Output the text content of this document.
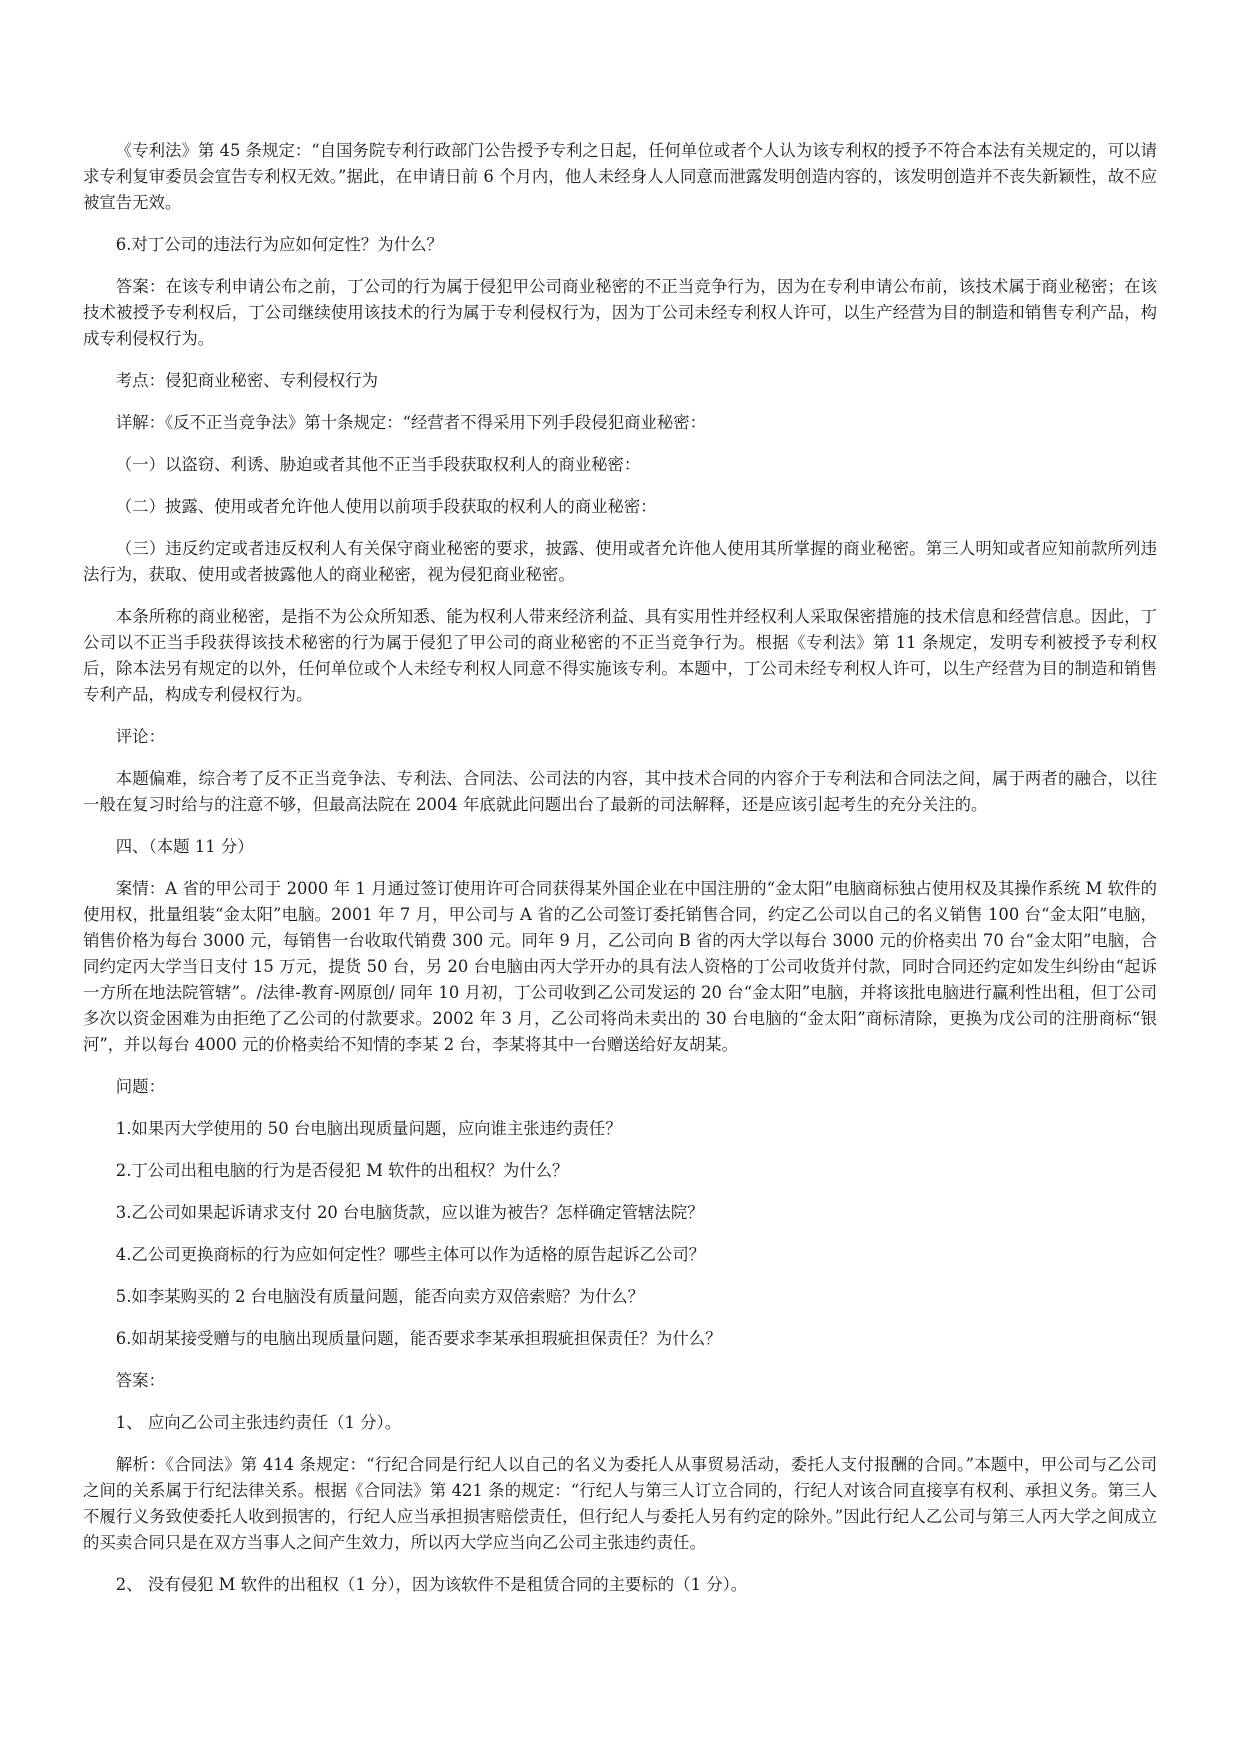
《专利法》第 45 条规定：“自国务院专利行政部门公告授予专利之日起，任何单位或者个人认为该专利权的授予不符合本法有关规定的，可以请求专利复审委员会宣告专利权无效。”据此，在申请日前 6 个月内，他人未经身人人同意而泄露发明创造内容的，该发明创造并不丧失新颖性，故不应被宣告无效。

6.对丁公司的违法行为应如何定性？为什么？

答案：在该专利申请公布之前，丁公司的行为属于侵犯甲公司商业秘密的不正当竞争行为，因为在专利申请公布前，该技术属于商业秘密；在该技术被授予专利权后，丁公司继续使用该技术的行为属于专利侵权行为，因为丁公司未经专利权人许可，以生产经营为目的制造和销售专利产品，构成专利侵权行为。

考点：侵犯商业秘密、专利侵权行为

详解：《反不正当竞争法》第十条规定：“经营者不得采用下列手段侵犯商业秘密：

（一）以盗窃、利诱、胁迫或者其他不正当手段获取权利人的商业秘密：

（二）披露、使用或者允许他人使用以前项手段获取的权利人的商业秘密：

（三）违反约定或者违反权利人有关保守商业秘密的要求，披露、使用或者允许他人使用其所掌握的商业秘密。第三人明知或者应知前款所列违法行为，获取、使用或者披露他人的商业秘密，视为侵犯商业秘密。

本条所称的商业秘密，是指不为公众所知悉、能为权利人带来经济利益、具有实用性并经权利人采取保密措施的技术信息和经营信息。因此，丁公司以不正当手段获得该技术秘密的行为属于侵犯了甲公司的商业秘密的不正当竞争行为。根据《专利法》第 11 条规定，发明专利被授予专利权后，除本法另有规定的以外，任何单位或个人未经专利权人同意不得实施该专利。本题中，丁公司未经专利权人许可，以生产经营为目的制造和销售专利产品，构成专利侵权行为。

评论：

本题偏难，综合考了反不正当竞争法、专利法、合同法、公司法的内容，其中技术合同的内容介于专利法和合同法之间，属于两者的融合，以往一般在复习时给与的注意不够，但最高法院在 2004 年底就此问题出台了最新的司法解释，还是应该引起考生的充分关注的。

四、（本题 11 分）

案情：A 省的甲公司于 2000 年 1 月通过签订使用许可合同获得某外国企业在中国注册的“金太阳”电脑商标独占使用权及其操作系统 M 软件的使用权，批量组装“金太阳”电脑。2001 年 7 月，甲公司与 A 省的乙公司签订委托销售合同，约定乙公司以自己的名义销售 100 台“金太阳”电脑，销售价格为每台 3000 元，每销售一台收取代销费 300 元。同年 9 月，乙公司向 B 省的丙大学以每台 3000 元的价格卖出 70 台“金太阳”电脑，合同约定丙大学当日支付 15 万元，提货 50 台，另 20 台电脑由丙大学开办的具有法人资格的丁公司收货并付款，同时合同还约定如发生纠纷由“起诉一方所在地法院管辖”。/法律-教育-网原创/ 同年 10 月初，丁公司收到乙公司发运的 20 台“金太阳”电脑，并将该批电脑进行赢利性出租，但丁公司多次以资金困难为由拒绝了乙公司的付款要求。2002 年 3 月，乙公司将尚未卖出的 30 台电脑的“金太阳”商标清除，更换为戊公司的注册商标“银河”，并以每台 4000 元的价格卖给不知情的李某 2 台，李某将其中一台赠送给好友胡某。

问题：

1.如果丙大学使用的 50 台电脑出现质量问题，应向谁主张违约责任？

2.丁公司出租电脑的行为是否侵犯 M 软件的出租权？为什么？

3.乙公司如果起诉请求支付 20 台电脑货款，应以谁为被告？怎样确定管辖法院？

4.乙公司更换商标的行为应如何定性？哪些主体可以作为适格的原告起诉乙公司？

5.如李某购买的 2 台电脑没有质量问题，能否向卖方双倍索赔？为什么？

6.如胡某接受赠与的电脑出现质量问题，能否要求李某承担瑕疵担保责任？为什么？

答案：

1、 应向乙公司主张违约责任（1 分）。

解析：《合同法》第 414 条规定：“行纪合同是行纪人以自己的名义为委托人从事贸易活动，委托人支付报酬的合同。”本题中，甲公司与乙公司之间的关系属于行纪法律关系。根据《合同法》第 421 条的规定：“行纪人与第三人订立合同的，行纪人对该合同直接享有权利、承担义务。第三人不履行义务致使委托人收到损害的，行纪人应当承担损害赔偿责任，但行纪人与委托人另有约定的除外。”因此行纪人乙公司与第三人丙大学之间成立的买卖合同只是在双方当事人之间产生效力，所以丙大学应当向乙公司主张违约责任。

2、 没有侵犯 M 软件的出租权（1 分），因为该软件不是租赁合同的主要标的（1 分）。
